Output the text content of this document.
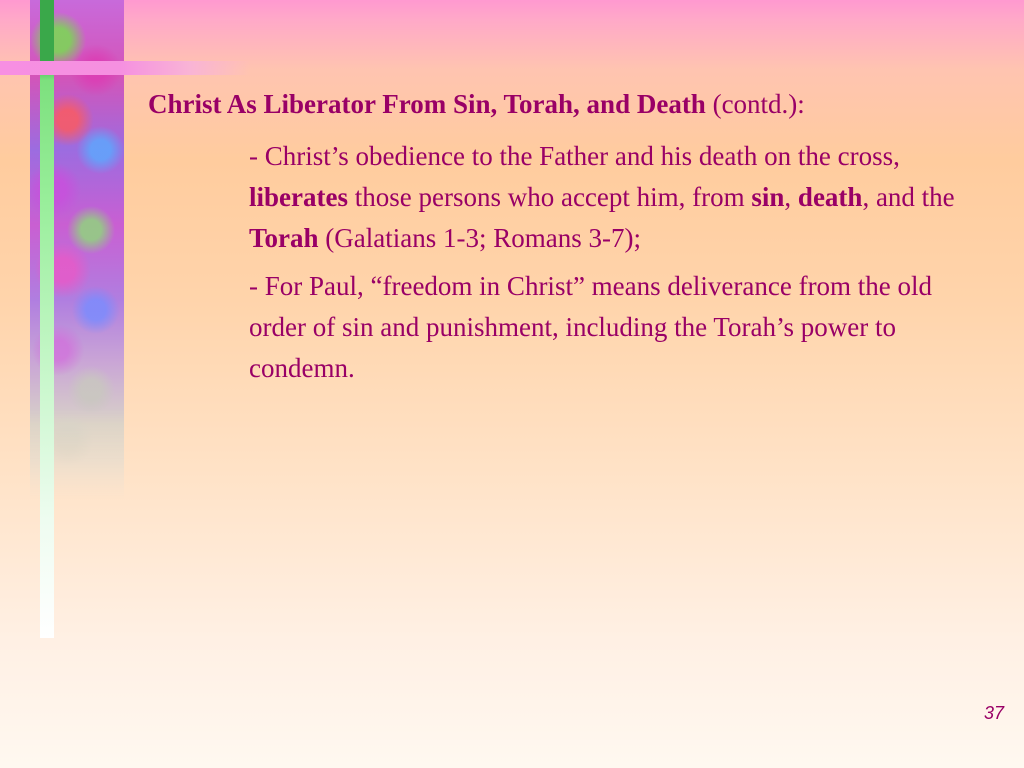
Christ As Liberator From Sin, Torah, and Death (contd.):

- Christ’s obedience to the Father and his death on the cross, liberates those persons who accept him, from sin, death, and the Torah (Galatians 1-3; Romans 3-7);
- For Paul, “freedom in Christ” means deliverance from the old order of sin and punishment, including the Torah’s power to condemn.
37
